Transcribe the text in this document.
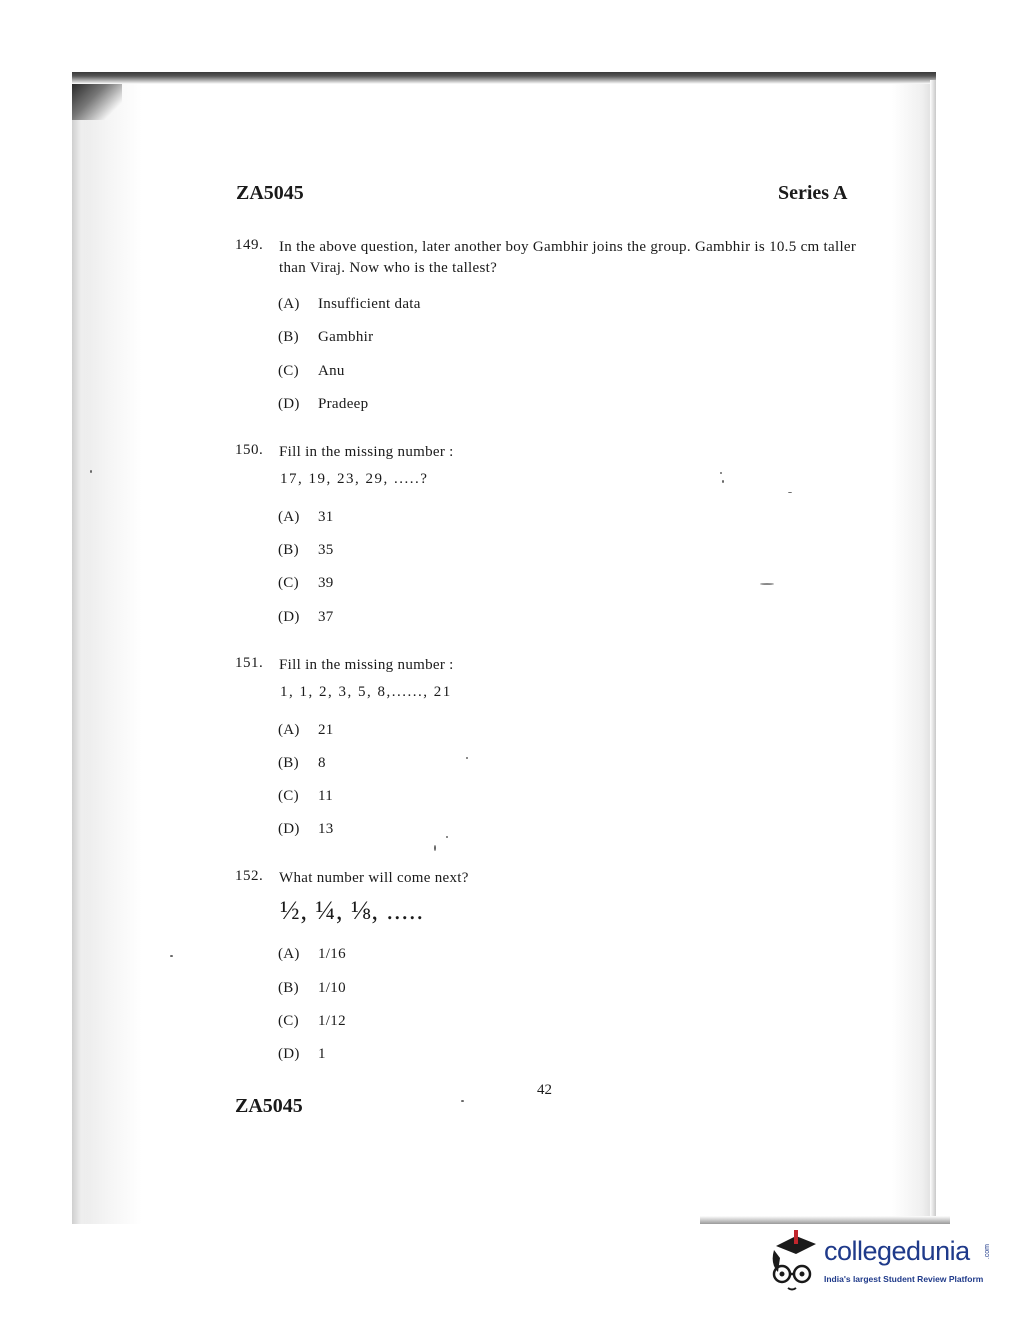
ZA5045	Series A
149. In the above question, later another boy Gambhir joins the group. Gambhir is 10.5 cm taller than Viraj. Now who is the tallest?
(A) Insufficient data
(B) Gambhir
(C) Anu
(D) Pradeep
150. Fill in the missing number :
17, 19, 23, 29, .....?
(A) 31
(B) 35
(C) 39
(D) 37
151. Fill in the missing number :
1, 1, 2, 3, 5, 8,......, 21
(A) 21
(B) 8
(C) 11
(D) 13
152. What number will come next?
½, ¼, ⅛, .....
(A) 1/16
(B) 1/10
(C) 1/12
(D) 1
42
ZA5045
collegedunia .com
India's largest Student Review Platform
